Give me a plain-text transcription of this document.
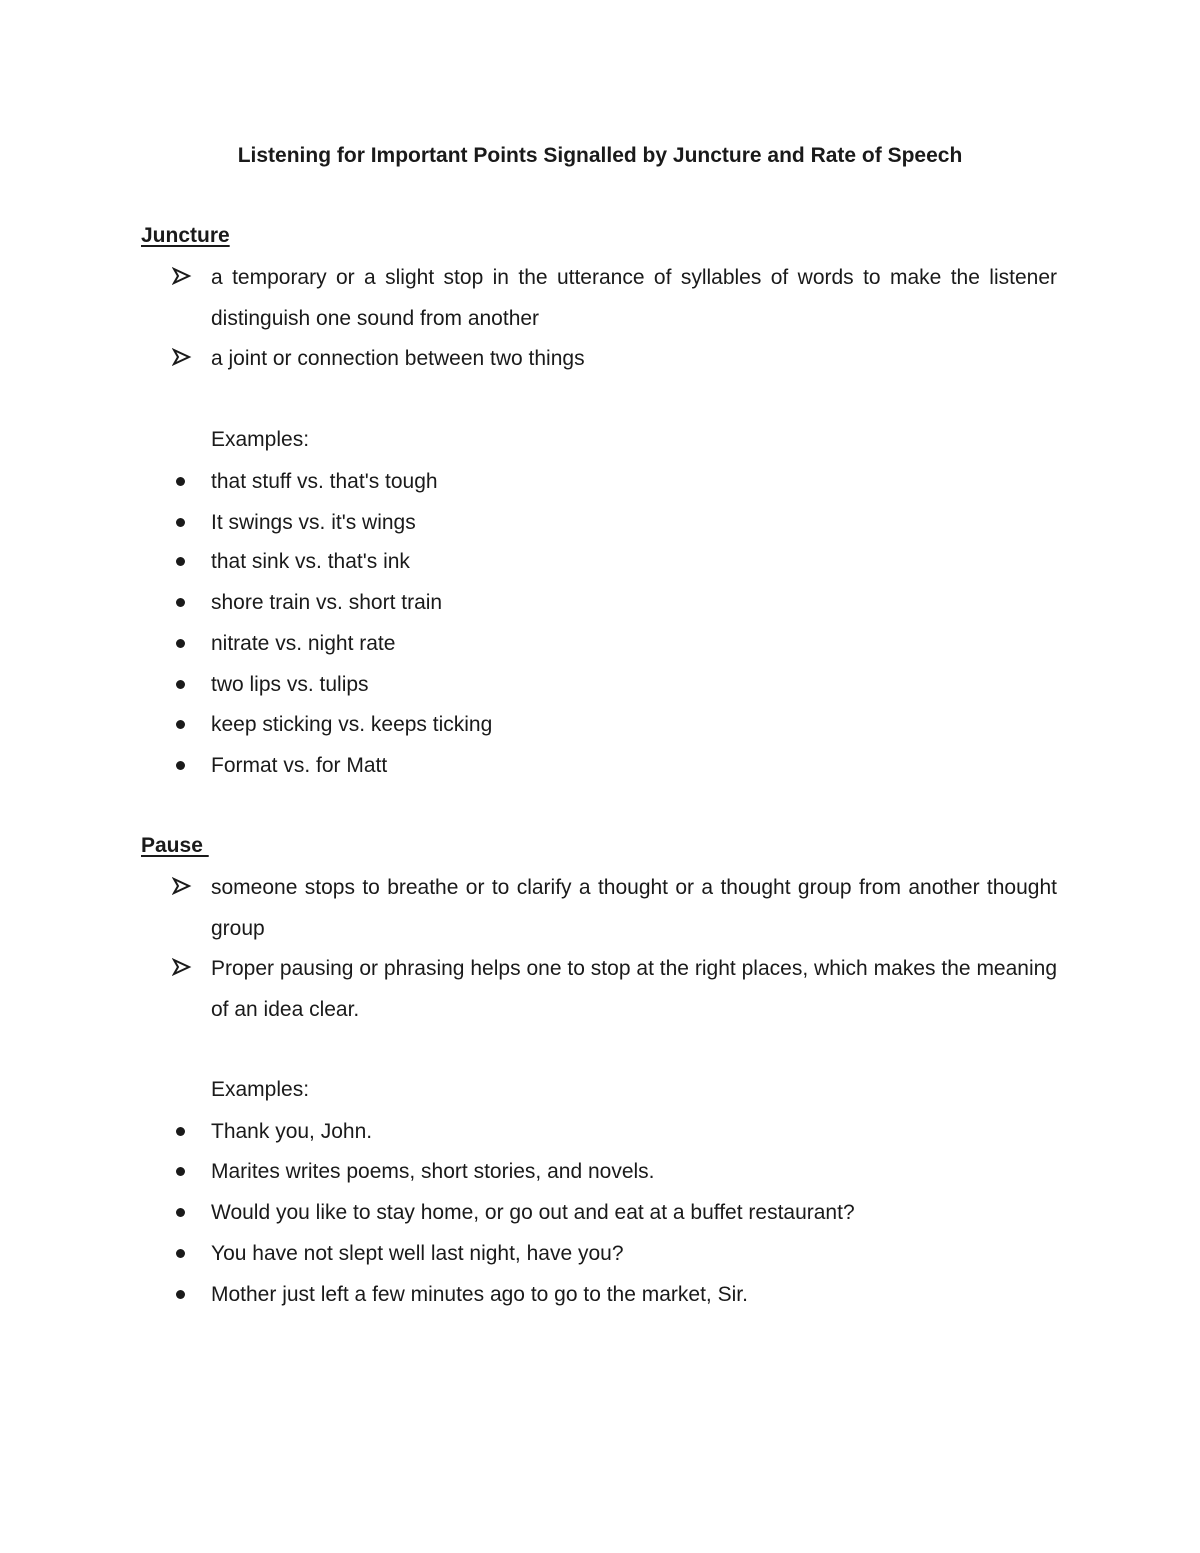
Listening for Important Points Signalled by Juncture and Rate of Speech
Juncture

a temporary or a slight stop in the utterance of syllables of words to make the listener distinguish one sound from another

a joint or connection between two things

Examples:

that stuff vs. that's tough

It swings vs. it's wings

that sink vs. that's ink

shore train vs. short train

nitrate vs. night rate

two lips vs. tulips

keep sticking vs. keeps ticking

Format vs. for Matt

Pause

someone stops to breathe or to clarify a thought or a thought group from another thought group

Proper pausing or phrasing helps one to stop at the right places, which makes the meaning of an idea clear.

Examples:

Thank you, John.

Marites writes poems, short stories, and novels.

Would you like to stay home, or go out and eat at a buffet restaurant?

You have not slept well last night, have you?

Mother just left a few minutes ago to go to the market, Sir.
